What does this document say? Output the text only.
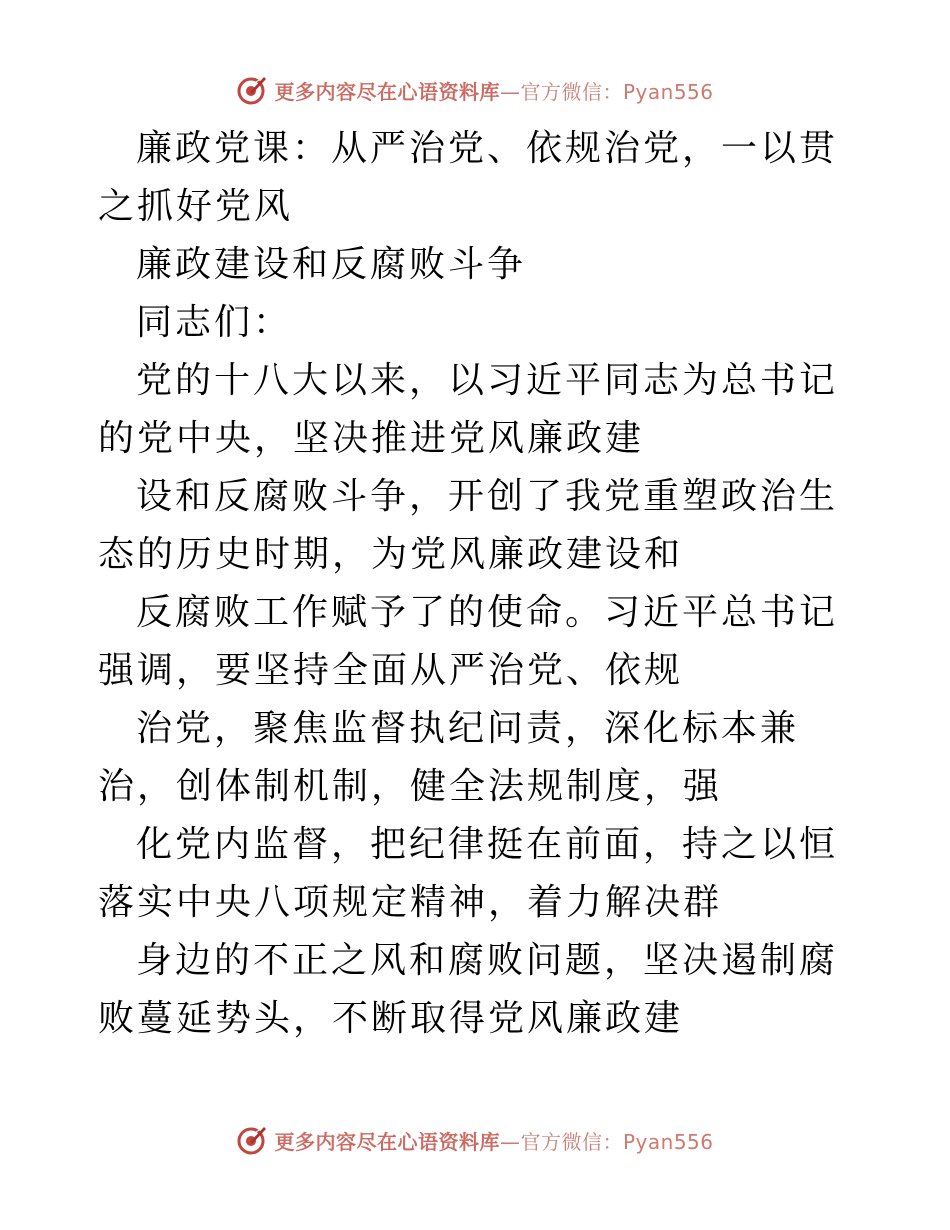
更多内容尽在心语资料库—官方微信：Pyan556

廉政党课：从严治党、依规治党，一以贯之抓好党风

廉政建设和反腐败斗争

同志们：

党的十八大以来，以习近平同志为总书记的党中央，坚决推进党风廉政建

设和反腐败斗争，开创了我党重塑政治生态的历史时期，为党风廉政建设和

反腐败工作赋予了的使命。习近平总书记强调，要坚持全面从严治党、依规

治党，聚焦监督执纪问责，深化标本兼治，创体制机制，健全法规制度，强

化党内监督，把纪律挺在前面，持之以恒落实中央八项规定精神，着力解决群

身边的不正之风和腐败问题，坚决遏制腐败蔓延势头，不断取得党风廉政建

更多内容尽在心语资料库—官方微信：Pyan556
